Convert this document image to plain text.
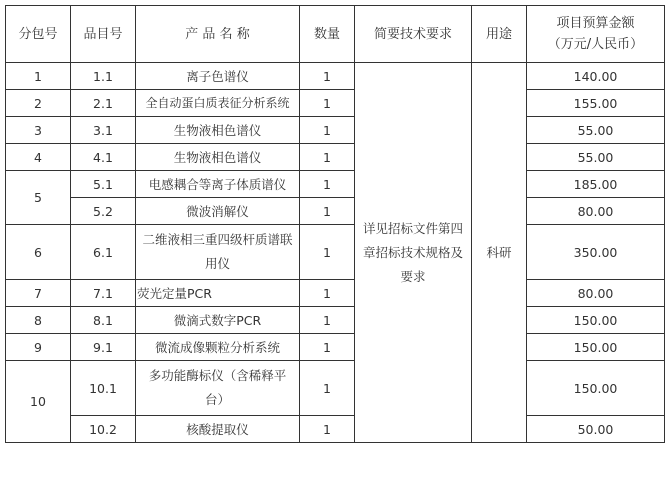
分包号	品目号	产 品 名 称	数量	简要技术要求	用途	项目预算金额
（万元/人民币）

1	1.1	离子色谱仪	1	详见招标文件第四章招标技术规格及要求	科研	140.00
2	2.1	全自动蛋白质表征分析系统	1			155.00
3	3.1	生物液相色谱仪	1			55.00
4	4.1	生物液相色谱仪	1			55.00
5	5.1	电感耦合等离子体质谱仪	1			185.00
	5.2	微波消解仪	1			80.00
6	6.1	二维液相三重四级杆质谱联用仪	1			350.00
7	7.1	荧光定量PCR	1			80.00
8	8.1	微滴式数字PCR	1			150.00
9	9.1	微流成像颗粒分析系统	1			150.00
10	10.1	多功能酶标仪（含稀释平台）	1			150.00
	10.2	核酸提取仪	1			50.00
